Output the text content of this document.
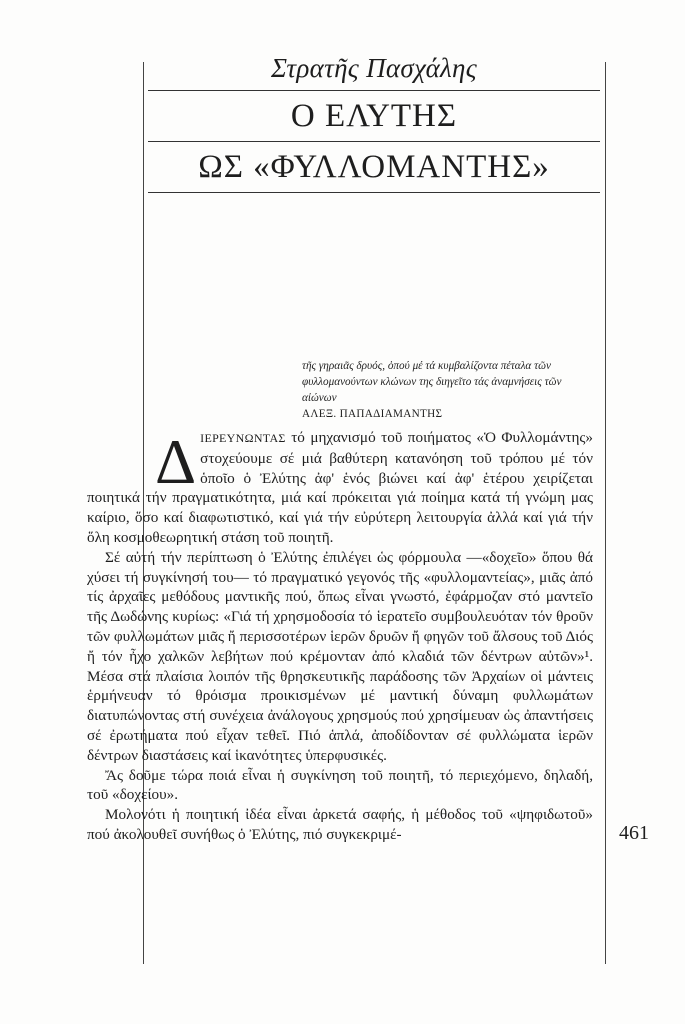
Στρατῆς Πασχάλης

Ο ΕΛΥΤΗΣ

ΩΣ «ΦΥΛΛΟΜΑΝΤΗΣ»

τῆς γηραιᾶς δρυός, ὁπού μέ τά κυμβαλίζοντα πέταλα τῶν φυλλομανούντων κλώνων της διηγεῖτο τάς ἀναμνήσεις τῶν αἰώνων

ΑΛΕΞ. ΠΑΠΑΔΙΑΜΑΝΤΗΣ

ΔΙΕΡΕΥΝΩΝΤΑΣ τό μηχανισμό τοῦ ποιήματος «Ὁ Φυλλομάντης» στοχεύουμε σέ μιά βαθύτερη κατανόηση τοῦ τρόπου μέ τόν ὁποῖο ὁ Ἐλύτης ἀφ' ἑνός βιώνει καί ἀφ' ἑτέρου χειρίζεται ποιητικά τήν πραγματικότητα, μιά καί πρόκειται γιά ποίημα κατά τή γνώμη μας καίριο, ὅσο καί διαφωτιστικό, καί γιά τήν εὐρύτερη λειτουργία ἀλλά καί γιά τήν ὅλη κοσμοθεωρητική στάση τοῦ ποιητῆ.

Σέ αὐτή τήν περίπτωση ὁ Ἐλύτης ἐπιλέγει ὡς φόρμουλα —«δοχεῖο» ὅπου θά χύσει τή συγκίνησή του— τό πραγματικό γεγονός τῆς «φυλλομαντείας», μιᾶς ἀπό τίς ἀρχαῖες μεθόδους μαντικῆς πού, ὅπως εἶναι γνωστό, ἐφάρμοζαν στό μαντεῖο τῆς Δωδώνης κυρίως: «Γιά τή χρησμοδοσία τό ἱερατεῖο συμβουλευόταν τόν θροῦν τῶν φυλλωμάτων μιᾶς ἤ περισσοτέρων ἱερῶν δρυῶν ἤ φηγῶν τοῦ ἄλσους τοῦ Διός ἤ τόν ἦχο χαλκῶν λεβήτων πού κρέμονταν ἀπό κλαδιά τῶν δέντρων αὐτῶν»¹. Μέσα στά πλαίσια λοιπόν τῆς θρησκευτικῆς παράδοσης τῶν Ἀρχαίων οἱ μάντεις ἑρμήνευαν τό θρόισμα προικισμένων μέ μαντική δύναμη φυλλωμάτων διατυπώνοντας στή συνέχεια ἀνάλογους χρησμούς πού χρησίμευαν ὡς ἀπαντήσεις σέ ἐρωτήματα πού εἶχαν τεθεῖ. Πιό ἁπλά, ἀποδίδονταν σέ φυλλώματα ἱερῶν δέντρων διαστάσεις καί ἱκανότητες ὑπερφυσικές.

Ἄς δοῦμε τώρα ποιά εἶναι ἡ συγκίνηση τοῦ ποιητῆ, τό περιεχόμενο, δηλαδή, τοῦ «δοχείου».

Μολονότι ἡ ποιητική ἰδέα εἶναι ἀρκετά σαφής, ἡ μέθοδος τοῦ «ψηφιδωτοῦ» πού ἀκολουθεῖ συνήθως ὁ Ἐλύτης, πιό συγκεκριμέ-	461
